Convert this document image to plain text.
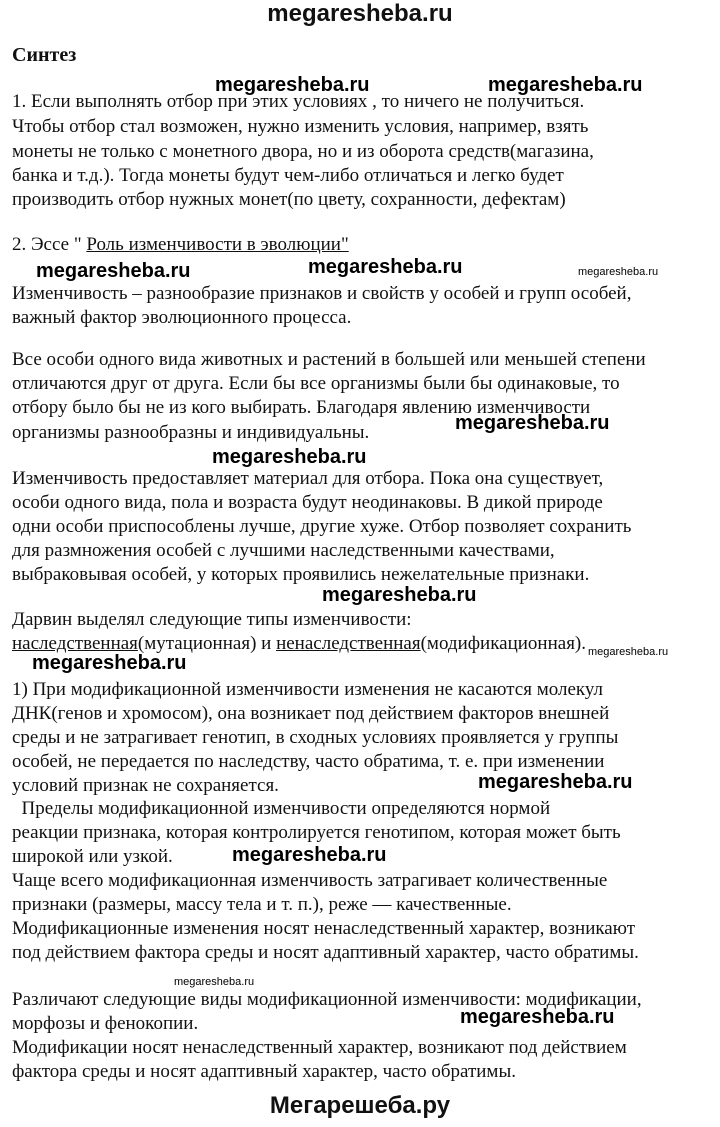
megaresheba.ru
Синтез
megaresheba.ru	megaresheba.ru
megaresheba.ru	megaresheba.ru	megaresheba.ru
megaresheba.ru
megaresheba.ru
megaresheba.ru
megaresheba.ru	megaresheba.ru
megaresheba.ru
megaresheba.ru
megaresheba.ru
megaresheba.ru
1. Если выполнять отбор при этих условиях , то ничего не получиться.
Чтобы отбор стал возможен, нужно изменить условия, например, взять
монеты не только с монетного двора, но и из оборота средств(магазина,
банка и т.д.). Тогда монеты будут чем-либо отличаться и легко будет
производить отбор нужных монет(по цвету, сохранности, дефектам)
2. Эссе " Роль изменчивости в эволюции"
Изменчивость – разнообразие признаков и свойств у особей и групп особей,
важный фактор эволюционного процесса.
Все особи одного вида животных и растений в большей или меньшей степени
отличаются друг от друга. Если бы все организмы были бы одинаковые, то
отбору было бы не из кого выбирать. Благодаря явлению изменчивости
организмы разнообразны и индивидуальны.
Изменчивость предоставляет материал для отбора. Пока она существует,
особи одного вида, пола и возраста будут неодинаковы. В дикой природе
одни особи приспособлены лучше, другие хуже. Отбор позволяет сохранить
для размножения особей с лучшими наследственными качествами,
выбраковывая особей, у которых проявились нежелательные признаки.
Дарвин выделял следующие типы изменчивости:
наследственная(мутационная) и ненаследственная(модификационная).
1) При модификационной изменчивости изменения не касаются молекул
ДНК(генов и хромосом), она возникает под действием факторов внешней
среды и не затрагивает генотип, в сходных условиях проявляется у группы
особей, не передается по наследству, часто обратима, т. е. при изменении
условий признак не сохраняется.
Пределы модификационной изменчивости определяются нормой
реакции признака, которая контролируется генотипом, которая может быть
широкой или узкой.
Чаще всего модификационная изменчивость затрагивает количественные
признаки (размеры, массу тела и т. п.), реже — качественные.
Модификационные изменения носят ненаследственный характер, возникают
под действием фактора среды и носят адаптивный характер, часто обратимы.
Различают следующие виды модификационной изменчивости: модификации,
морфозы и фенокопии.
Модификации носят ненаследственный характер, возникают под действием
фактора среды и носят адаптивный характер, часто обратимы.
Мегарешеба.ру
